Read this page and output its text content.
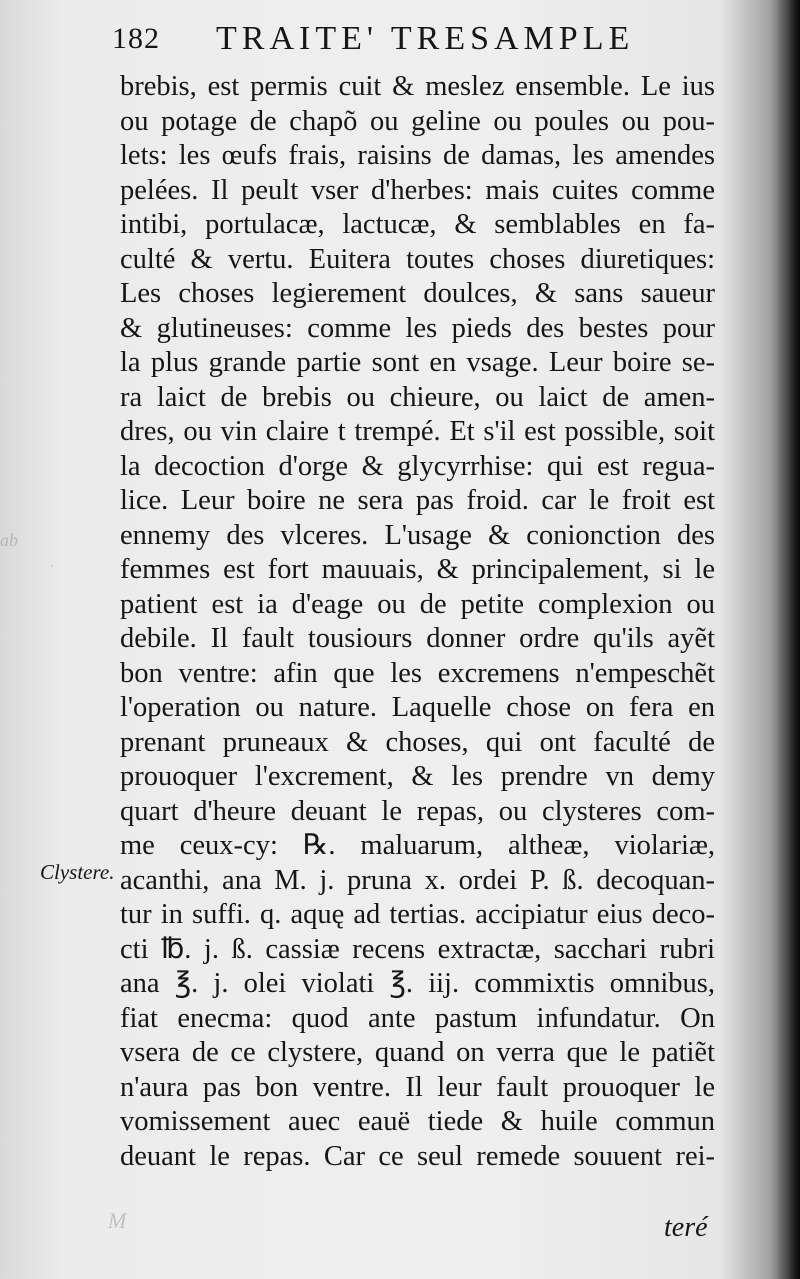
ab
·
182 TRAITE' TRESAMPLE
brebis, est permis cuit & meslez ensemble. Le ius
ou potage de chapõ ou geline ou poules ou pou-
lets: les œufs frais, raisins de damas, les amendes
pelées. Il peult vser d'herbes: mais cuites comme
intibi, portulacæ, lactucæ, & semblables en fa-
culté & vertu. Euitera toutes choses diuretiques:
Les choses legierement doulces, & sans saueur
& glutineuses: comme les pieds des bestes pour
la plus grande partie sont en vsage. Leur boire se-
ra laict de brebis ou chieure, ou laict de amen-
dres, ou vin claire t trempé. Et s'il est possible, soit
la decoction d'orge & glycyrrhise: qui est regua-
lice. Leur boire ne sera pas froid. car le froit est
ennemy des vlceres. L'usage & conionction des
femmes est fort mauuais, & principalement, si le
patient est ia d'eage ou de petite complexion ou
debile. Il fault tousiours donner ordre qu'ils ayẽt
bon ventre: afin que les excremens n'empeschẽt
l'operation ou nature. Laquelle chose on fera en
prenant pruneaux & choses, qui ont faculté de
prouoquer l'excrement, & les prendre vn demy
quart d'heure deuant le repas, ou clysteres com-
me ceux-cy: ℞. maluarum, altheæ, violariæ,
acanthi, ana M. j. pruna x. ordei P. ß. decoquan-
tur in suffi. q. aquę ad tertias. accipiatur eius deco-
cti ℔. j. ß. cassiæ recens extractæ, sacchari rubri
ana ℥. j. olei violati ℥. iij. commixtis omnibus,
fiat enecma: quod ante pastum infundatur. On
vsera de ce clystere, quand on verra que le patiẽt
n'aura pas bon ventre. Il leur fault prouoquer le
vomissement auec eauë tiede & huile commun
deuant le repas. Car ce seul remede souuent rei-
Clystere.
M	teré
